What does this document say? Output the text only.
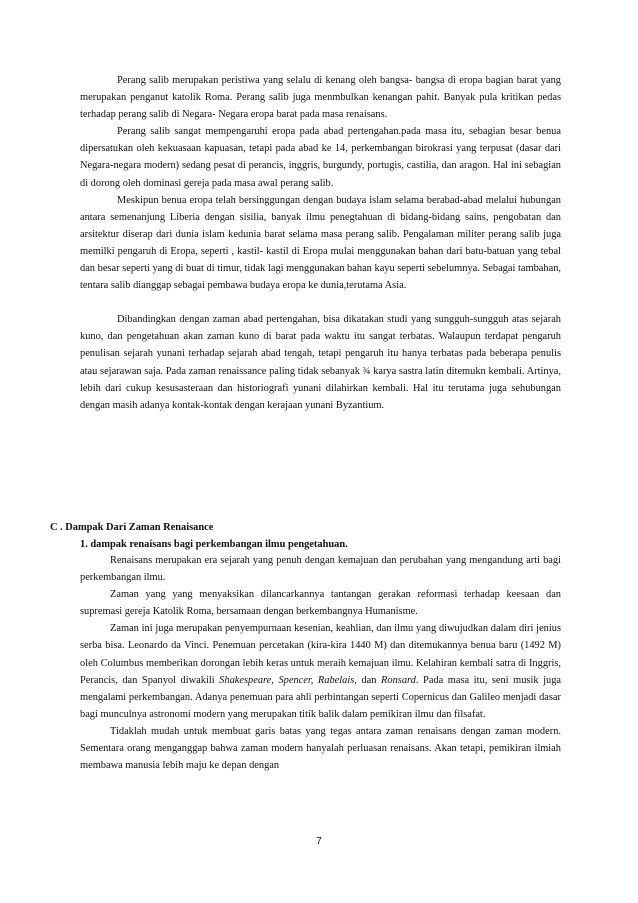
Perang salib merupakan peristiwa yang selalu di kenang oleh bangsa- bangsa di eropa bagian barat yang merupakan penganut katolik Roma. Perang salib juga menmbulkan kenangan pahit. Banyak pula kritikan pedas terhadap perang salib di Negara- Negara eropa barat pada masa renaisans.

Perang salib sangat mempengaruhi eropa pada abad pertengahan.pada masa itu, sebagian besar benua dipersatukan oleh kekuasaan kapuasan, tetapi pada abad ke 14, perkembangan birokrasi yang terpusat (dasar dari Negara-negara modern) sedang pesat di perancis, inggris, burgundy, portugis, castilia, dan aragon. Hal ini sebagian di dorong oleh dominasi gereja pada masa awal perang salib.

Meskipun benua eropa telah bersinggungan dengan budaya islam selama berabad-abad melalui hubungan antara semenanjung Liberia dengan sisilia, banyak ilmu penegtahuan di bidang-bidang sains, pengobatan dan arsitektur diserap dari dunia islam kedunia barat selama masa perang salib. Pengalaman militer perang salib juga memilki pengaruh di Eropa, seperti , kastil- kastil di Eropa mulai menggunakan bahan dari batu-batuan yang tebal dan besar seperti yang di buat di timur, tidak lagi menggunakan bahan kayu seperti sebelumnya. Sebagai tambahan, tentara salib dianggap sebagai pembawa budaya eropa ke dunia,terutama Asia.

Dibandingkan dengan zaman abad pertengahan, bisa dikatakan studi yang sungguh-sungguh atas sejarah kuno, dan pengetahuan akan zaman kuno di barat pada waktu itu sangat terbatas. Walaupun terdapat pengaruh penulisan sejarah yunani terhadap sejarah abad tengah, tetapi pengaruh itu hanya terbatas pada beberapa penulis atau sejarawan saja. Pada zaman renaissance paling tidak sebanyak ¾ karya sastra latin ditemukn kembali. Artinya, lebih dari cukup kesusasteraan dan historiografi yunani dilahirkan kembali. Hal itu terutama juga sehubungan dengan masih adanya kontak-kontak dengan kerajaan yunani Byzantium.

C . Dampak Dari Zaman Renaisance

1. dampak renaisans bagi perkembangan ilmu pengetahuan.

Renaisans merupakan era sejarah yang penuh dengan kemajuan dan perubahan yang mengandung arti bagi perkembangan ilmu.

Zaman yang yang menyaksikan dilancarkannya tantangan gerakan reformasi terhadap keesaan dan supremasi gereja Katolik Roma, bersamaan dengan berkembangnya Humanisme.

Zaman ini juga merupakan penyempurnaan kesenian, keahlian, dan ilmu yang diwujudkan dalam diri jenius serba bisa. Leonardo da Vinci. Penemuan percetakan (kira-kira 1440 M) dan ditemukannya benua baru (1492 M) oleh Columbus memberikan dorongan lebih keras untuk meraih kemajuan ilmu. Kelahiran kembali satra di Inggris, Perancis, dan Spanyol diwakili Shakespeare, Spencer, Rabelais, dan Ronsard. Pada masa itu, seni musik juga mengalami perkembangan. Adanya penemuan para ahli perbintangan seperti Copernicus dan Galileo menjadi dasar bagi munculnya astronomi modern yang merupakan titik balik dalam pemikiran ilmu dan filsafat.

Tidaklah mudah untuk membuat garis batas yang tegas antara zaman renaisans dengan zaman modern. Sementara orang menganggap bahwa zaman modern hanyalah perluasan renaisans. Akan tetapi, pemikiran ilmiah membawa manusia lebih maju ke depan dengan

7
